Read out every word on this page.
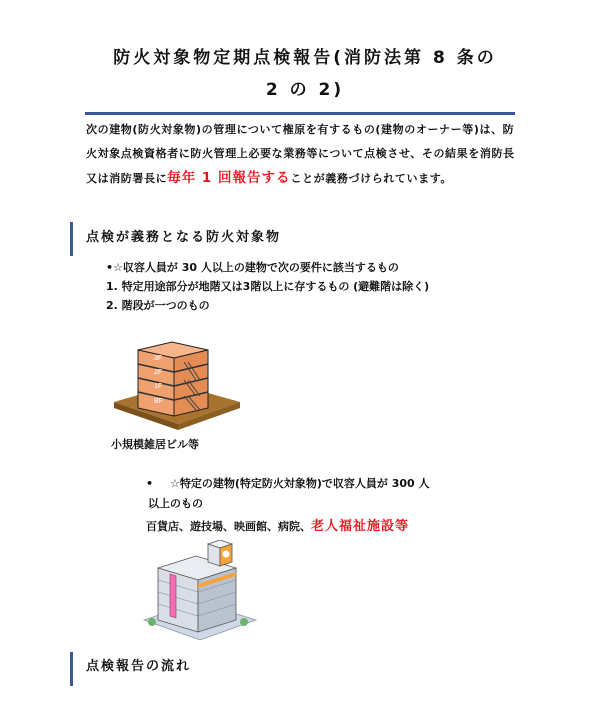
防火対象物定期点検報告(消防法第 8 条の
2 の 2)
次の建物(防火対象物)の管理について権原を有するもの(建物のオーナー等)は、防火対象点検資格者に防火管理上必要な業務等について点検させ、その結果を消防長又は消防署長に毎年 1 回報告することが義務づけられています。
点検が義務となる防火対象物
•☆収容人員が 30 人以上の建物で次の要件に該当するもの
1. 特定用途部分が地階又は3階以上に存するもの (避難階は除く)
2. 階段が一つのもの
3F
2F
1F
BF
小規模雑居ビル等
•	☆特定の建物(特定防火対象物)で収容人員が 300 人
以上のもの
百貨店、遊技場、映画館、病院、老人福祉施設等
点検報告の流れ
